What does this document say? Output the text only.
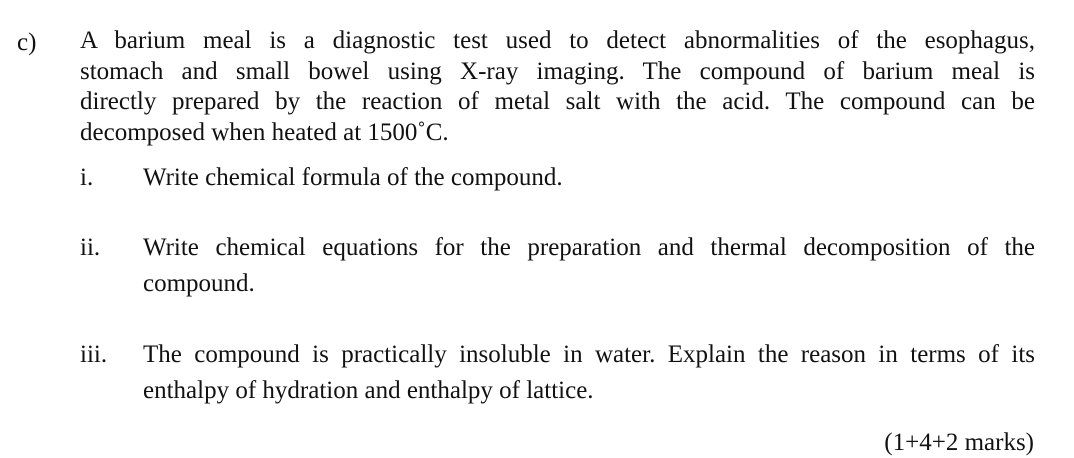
c) A barium meal is a diagnostic test used to detect abnormalities of the esophagus,
stomach and small bowel using X-ray imaging. The compound of barium meal is
directly prepared by the reaction of metal salt with the acid. The compound can be
decomposed when heated at 1500˚C.
i. Write chemical formula of the compound.
ii. Write chemical equations for the preparation and thermal decomposition of the
compound.
iii. The compound is practically insoluble in water. Explain the reason in terms of its
enthalpy of hydration and enthalpy of lattice.
(1+4+2 marks)
